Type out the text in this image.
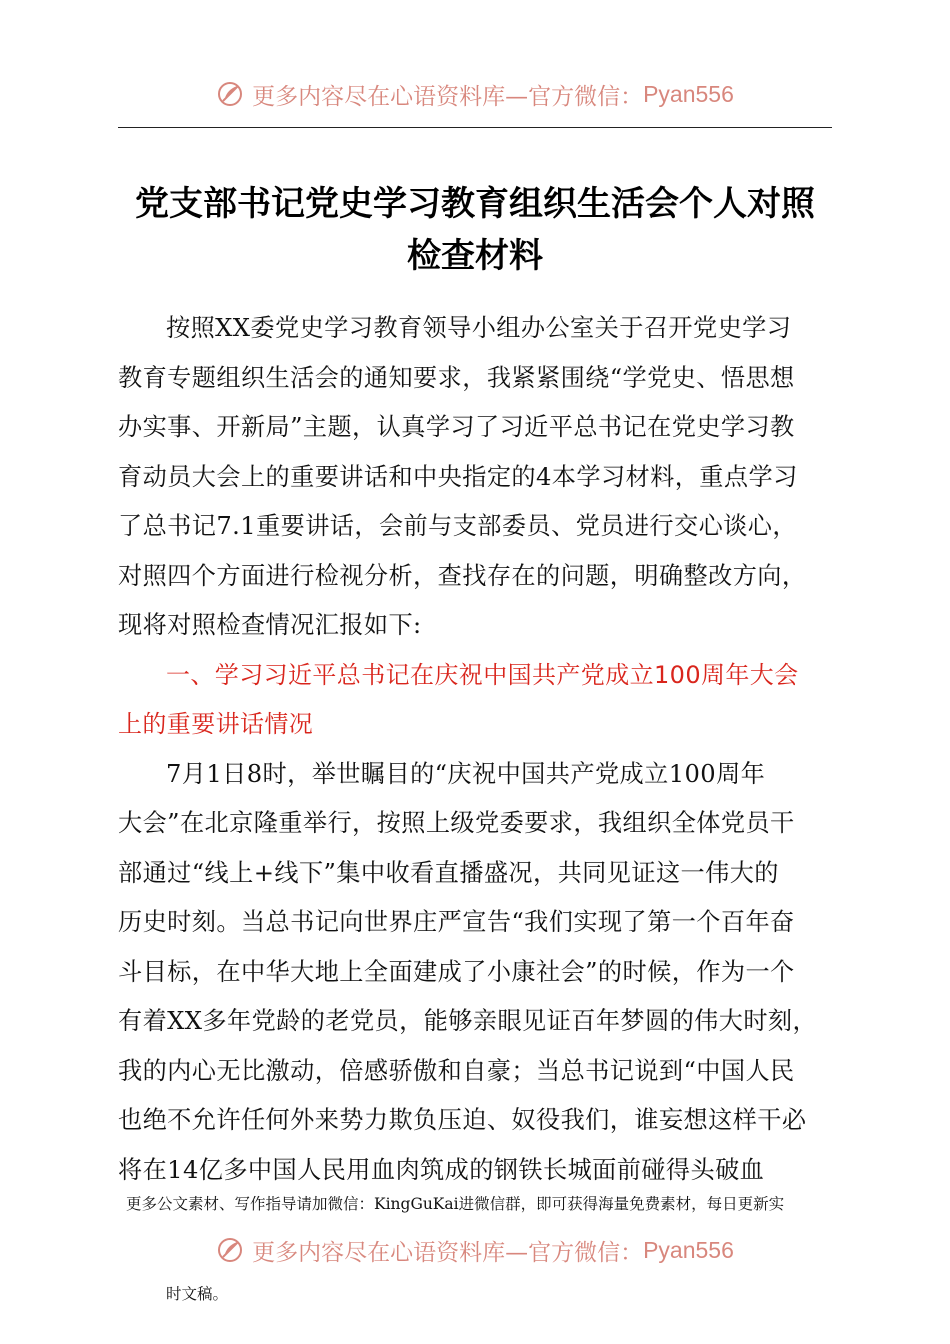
更多内容尽在心语资料库—官方微信： Pyan556
党支部书记党史学习教育组织生活会个人对照
检查材料
按照XX委党史学习教育领导小组办公室关于召开党史学习
教育专题组织生活会的通知要求，我紧紧围绕“学党史、悟思想
办实事、开新局”主题，认真学习了习近平总书记在党史学习教
育动员大会上的重要讲话和中央指定的4本学习材料，重点学习
了总书记7.1重要讲话，会前与支部委员、党员进行交心谈心，
对照四个方面进行检视分析，查找存在的问题，明确整改方向，
现将对照检查情况汇报如下:
一、学习习近平总书记在庆祝中国共产党成立100周年大会
上的重要讲话情况
7月1日8时，举世瞩目的“庆祝中国共产党成立100周年
大会”在北京隆重举行，按照上级党委要求，我组织全体党员干
部通过“线上+线下”集中收看直播盛况，共同见证这一伟大的
历史时刻。当总书记向世界庄严宣告“我们实现了第一个百年奋
斗目标，在中华大地上全面建成了小康社会”的时候，作为一个
有着XX多年党龄的老党员，能够亲眼见证百年梦圆的伟大时刻，
我的内心无比激动，倍感骄傲和自豪；当总书记说到“中国人民
也绝不允许任何外来势力欺负压迫、奴役我们，谁妄想这样干必
将在14亿多中国人民用血肉筑成的钢铁长城面前碰得头破血
更多公文素材、写作指导请加微信：KingGuKai进微信群，即可获得海量免费素材，每日更新实
更多内容尽在心语资料库—官方微信： Pyan556
时文稿。
